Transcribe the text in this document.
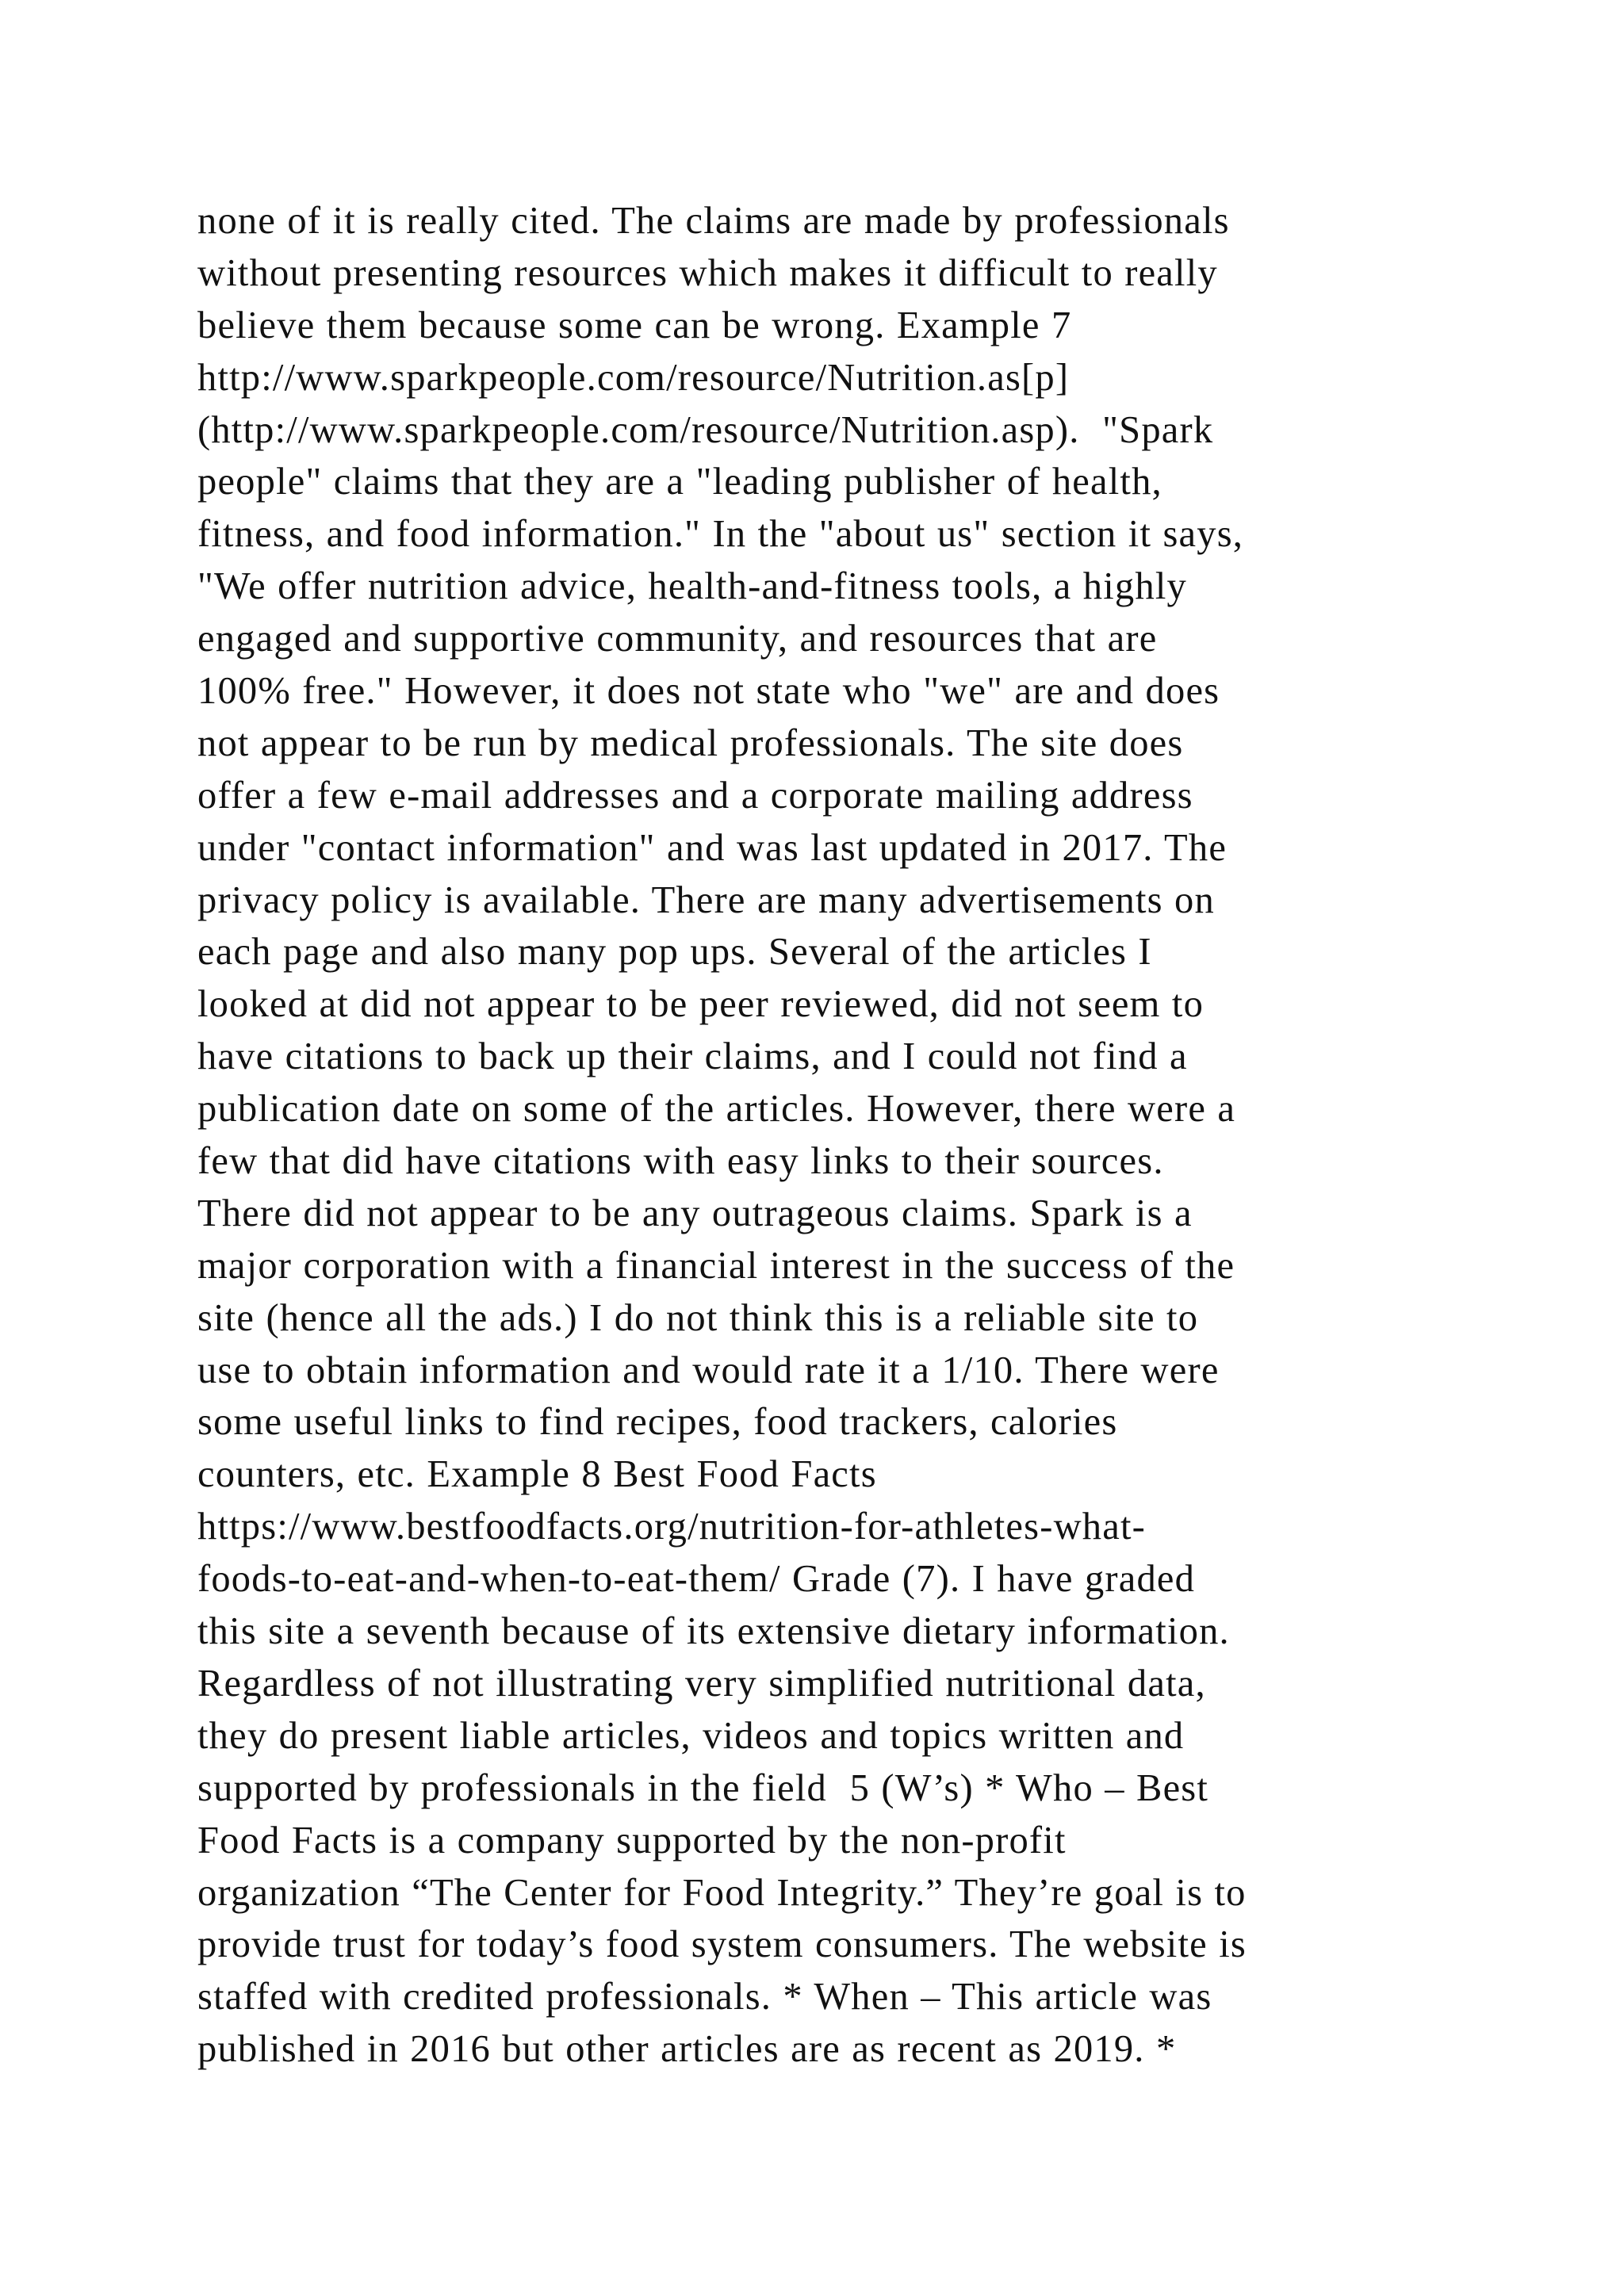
none of it is really cited. The claims are made by professionals
without presenting resources which makes it difficult to really
believe them because some can be wrong. Example 7
http://www.sparkpeople.com/resource/Nutrition.as[p]
(http://www.sparkpeople.com/resource/Nutrition.asp).  "Spark
people" claims that they are a "leading publisher of health,
fitness, and food information." In the "about us" section it says,
"We offer nutrition advice, health-and-fitness tools, a highly
engaged and supportive community, and resources that are
100% free." However, it does not state who "we" are and does
not appear to be run by medical professionals. The site does
offer a few e-mail addresses and a corporate mailing address
under "contact information" and was last updated in 2017. The
privacy policy is available. There are many advertisements on
each page and also many pop ups. Several of the articles I
looked at did not appear to be peer reviewed, did not seem to
have citations to back up their claims, and I could not find a
publication date on some of the articles. However, there were a
few that did have citations with easy links to their sources.
There did not appear to be any outrageous claims. Spark is a
major corporation with a financial interest in the success of the
site (hence all the ads.) I do not think this is a reliable site to
use to obtain information and would rate it a 1/10. There were
some useful links to find recipes, food trackers, calories
counters, etc. Example 8 Best Food Facts
https://www.bestfoodfacts.org/nutrition-for-athletes-what-
foods-to-eat-and-when-to-eat-them/ Grade (7). I have graded
this site a seventh because of its extensive dietary information.
Regardless of not illustrating very simplified nutritional data,
they do present liable articles, videos and topics written and
supported by professionals in the field  5 (W’s) * Who – Best
Food Facts is a company supported by the non-profit
organization “The Center for Food Integrity.” They’re goal is to
provide trust for today’s food system consumers. The website is
staffed with credited professionals. * When – This article was
published in 2016 but other articles are as recent as 2019. *
